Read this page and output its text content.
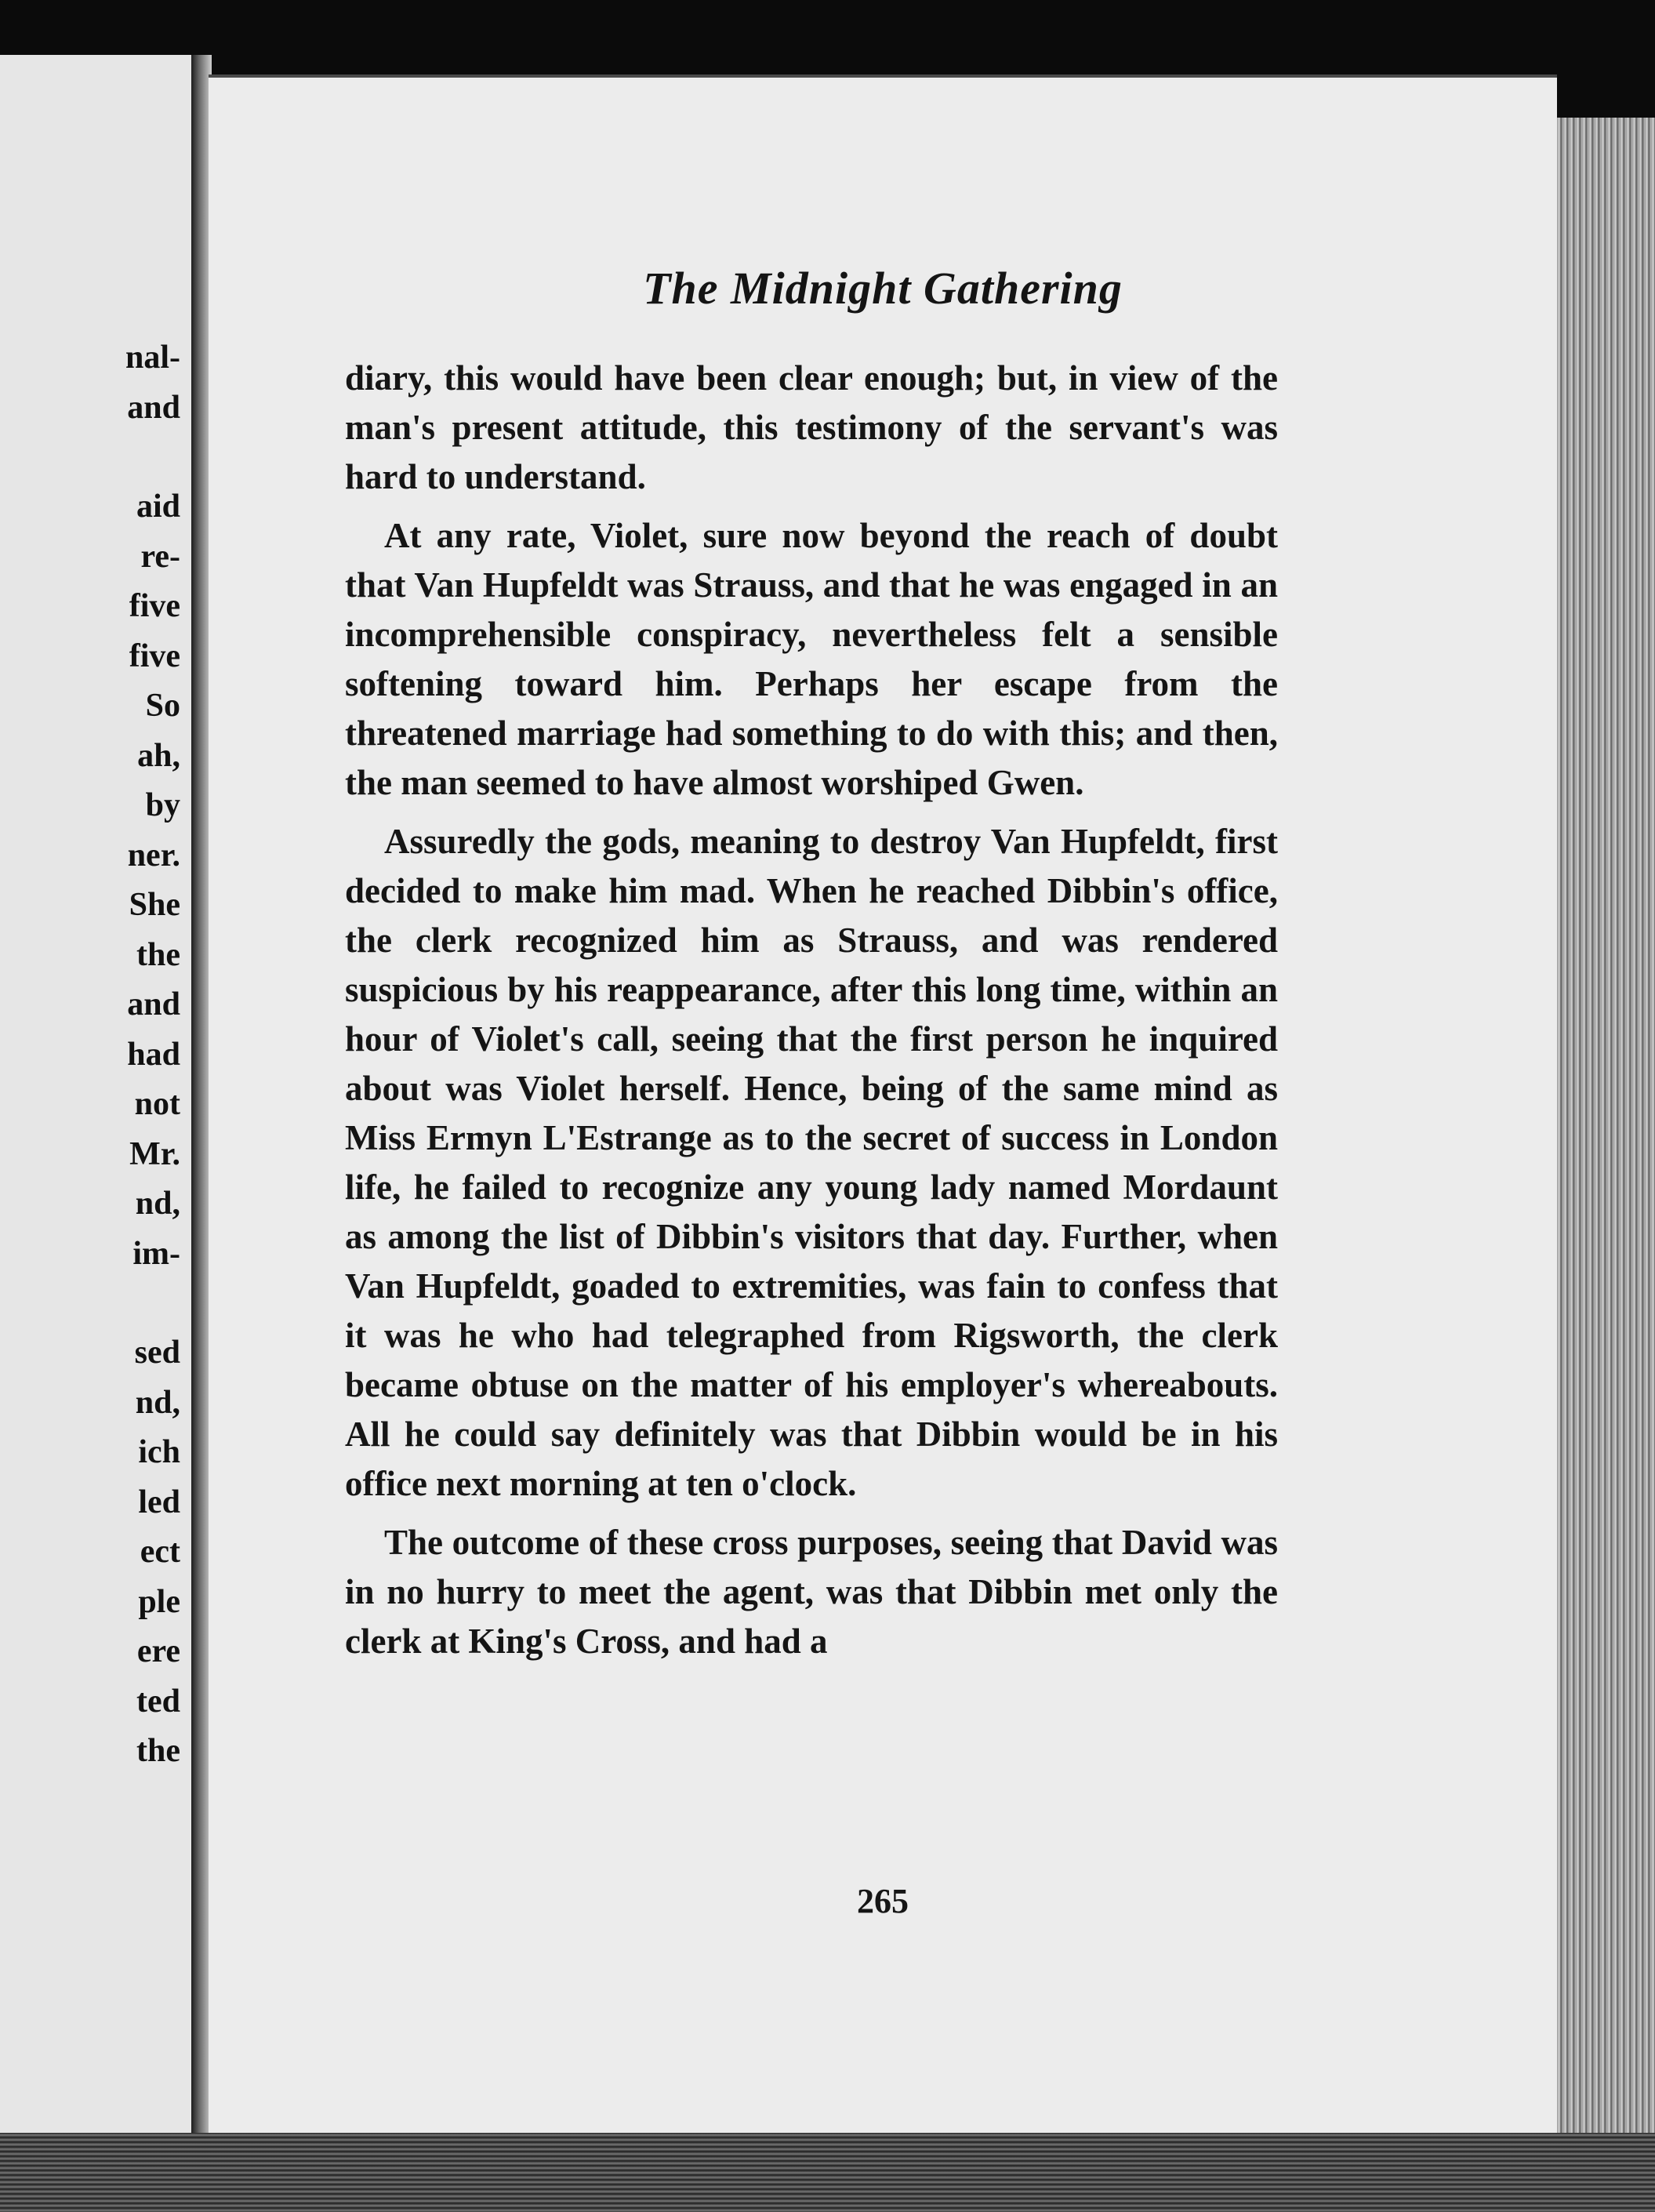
nal-
and
aid
re-
five
five
So
ah,
by
ner.
She
the
and
had
not
Mr.
nd,
im-
sed
nd,
ich
led
ect
ple
ere
ted
the
The Midnight Gathering

diary, this would have been clear enough; but, in view of the man's present attitude, this testimony of the servant's was hard to understand.

At any rate, Violet, sure now beyond the reach of doubt that Van Hupfeldt was Strauss, and that he was engaged in an incomprehensible conspiracy, nevertheless felt a sensible softening toward him. Perhaps her escape from the threatened marriage had something to do with this; and then, the man seemed to have almost worshiped Gwen.

Assuredly the gods, meaning to destroy Van Hupfeldt, first decided to make him mad. When he reached Dibbin's office, the clerk recognized him as Strauss, and was rendered suspicious by his reappearance, after this long time, within an hour of Violet's call, seeing that the first person he inquired about was Violet herself. Hence, being of the same mind as Miss Ermyn L'Estrange as to the secret of success in London life, he failed to recognize any young lady named Mordaunt as among the list of Dibbin's visitors that day. Further, when Van Hupfeldt, goaded to extremities, was fain to confess that it was he who had telegraphed from Rigsworth, the clerk became obtuse on the matter of his employer's whereabouts. All he could say definitely was that Dibbin would be in his office next morning at ten o'clock.

The outcome of these cross purposes, seeing that David was in no hurry to meet the agent, was that Dibbin met only the clerk at King's Cross, and had a

265
